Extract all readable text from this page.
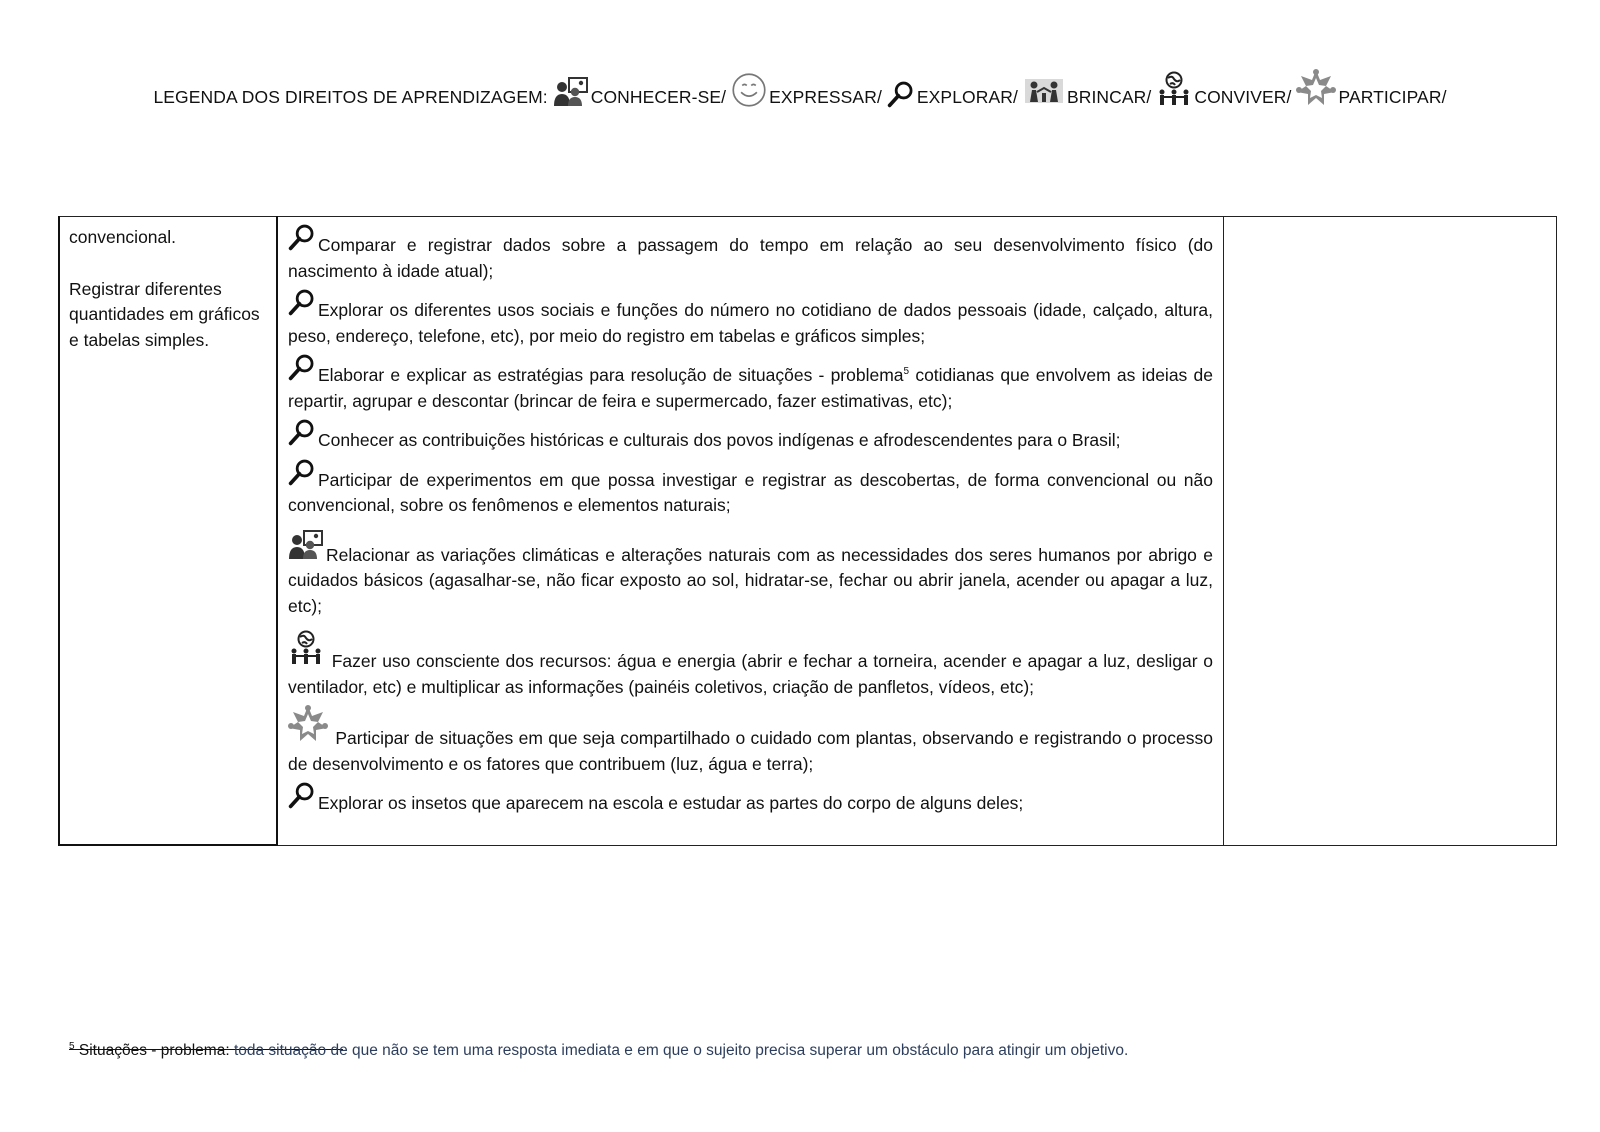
LEGENDA DOS DIREITOS DE APRENDIZAGEM: CONHECER-SE/ EXPRESSAR/ EXPLORAR/	BRINCAR/ CONVIVER/	PARTICIPAR/

convencional.

Registrar diferentes quantidades em gráficos e tabelas simples.

Comparar e registrar dados sobre a passagem do tempo em relação ao seu desenvolvimento físico (do nascimento à idade atual);
Explorar os diferentes usos sociais e funções do número no cotidiano de dados pessoais (idade, calçado, altura, peso, endereço, telefone, etc), por meio do registro em tabelas e gráficos simples;
Elaborar e explicar as estratégias para resolução de situações - problema$^5$ cotidianas que envolvem as ideias de repartir, agrupar e descontar (brincar de feira e supermercado, fazer estimativas, etc);
Conhecer as contribuições históricas e culturais dos povos indígenas e afrodescendentes para o Brasil;
Participar de experimentos em que possa investigar e registrar as descobertas, de forma convencional ou não convencional, sobre os fenômenos e elementos naturais;
Relacionar as variações climáticas e alterações naturais com as necessidades dos seres humanos por abrigo e cuidados básicos (agasalhar-se, não ficar exposto ao sol, hidratar-se, fechar ou abrir janela, acender ou apagar a luz, etc);
Fazer uso consciente dos recursos: água e energia (abrir e fechar a torneira, acender e apagar a luz, desligar o ventilador, etc) e multiplicar as informações (painéis coletivos, criação de panfletos, vídeos, etc);
Participar de situações em que seja compartilhado o cuidado com plantas, observando e registrando o processo de desenvolvimento e os fatores que contribuem (luz, água e terra);
Explorar os insetos que aparecem na escola e estudar as partes do corpo de alguns deles;

$^5$ Situações - problema: toda situação de que não se tem uma resposta imediata e em que o sujeito precisa superar um obstáculo para atingir um objetivo.
